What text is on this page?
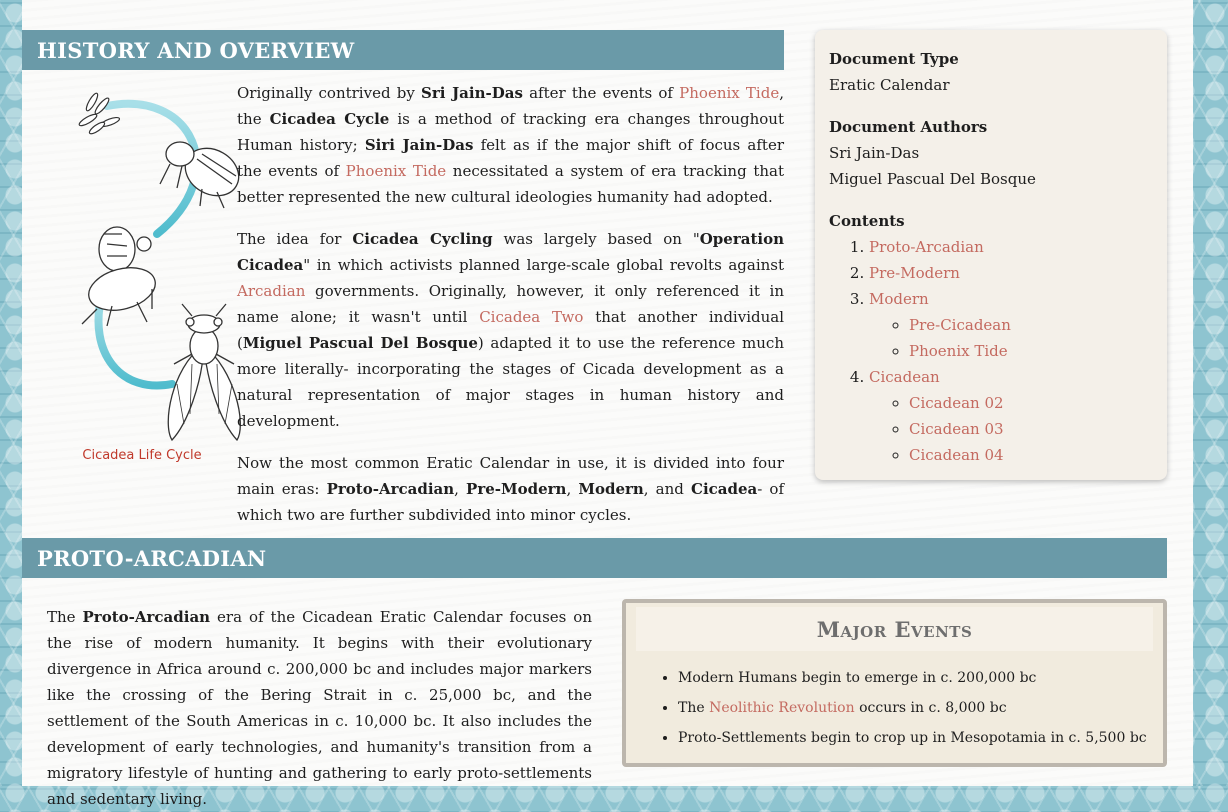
HISTORY AND OVERVIEW
Cicadea Life Cycle

Originally contrived by Sri Jain-Das after the events of Phoenix Tide, the Cicadea Cycle is a method of tracking era changes throughout Human history; Siri Jain-Das felt as if the major shift of focus after the events of Phoenix Tide necessitated a system of era tracking that better represented the new cultural ideologies humanity had adopted.

The idea for Cicadea Cycling was largely based on "Operation Cicadea" in which activists planned large-scale global revolts against Arcadian governments. Originally, however, it only referenced it in name alone; it wasn't until Cicadea Two that another individual (Miguel Pascual Del Bosque) adapted it to use the reference much more literally- incorporating the stages of Cicada development as a natural representation of major stages in human history and development.

Now the most common Eratic Calendar in use, it is divided into four main eras: Proto-Arcadian, Pre-Modern, Modern, and Cicadea- of which two are further subdivided into minor cycles.

Document Type

Eratic Calendar

Document Authors

Sri Jain-Das

Miguel Pascual Del Bosque

Contents
1. Proto-Arcadian
2. Pre-Modern
3. Modern
◦ Pre-Cicadean
◦ Phoenix Tide
4. Cicadean
◦ Cicadean 02
◦ Cicadean 03
◦ Cicadean 04
PROTO-ARCADIAN

The Proto-Arcadian era of the Cicadean Eratic Calendar focuses on the rise of modern humanity. It begins with their evolutionary divergence in Africa around c. 200,000 bc and includes major markers like the crossing of the Bering Strait in c. 25,000 bc, and the settlement of the South Americas in c. 10,000 bc. It also includes the development of early technologies, and humanity's transition from a migratory lifestyle of hunting and gathering to early proto-settlements and sedentary living.

Major Events
• Modern Humans begin to emerge in c. 200,000 bc
• The Neolithic Revolution occurs in c. 8,000 bc
• Proto-Settlements begin to crop up in Mesopotamia in c. 5,500 bc
